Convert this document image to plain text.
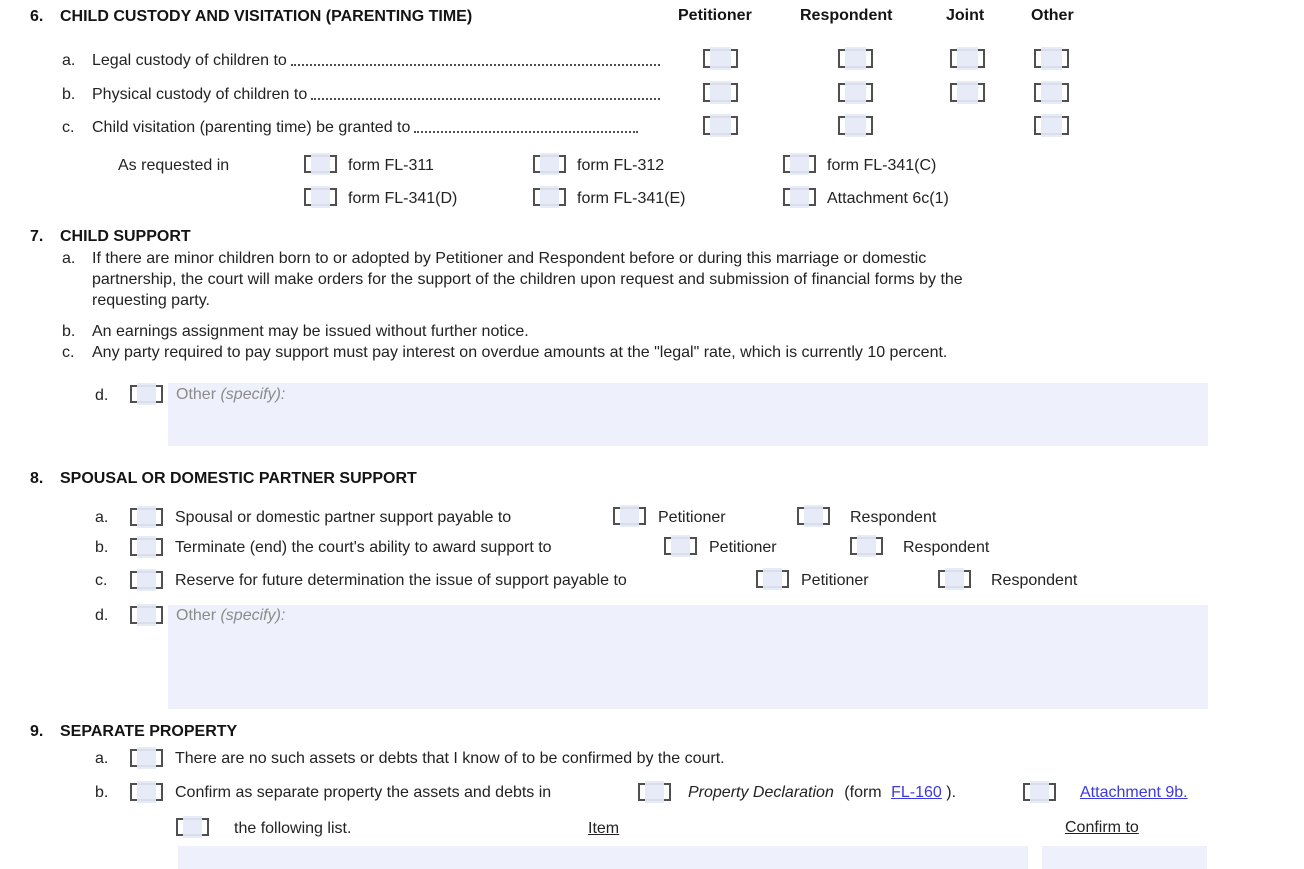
6. CHILD CUSTODY AND VISITATION (PARENTING TIME)	Petitioner	Respondent	Joint	Other
a. Legal custody of children to
b. Physical custody of children to
c. Child visitation (parenting time) be granted to
As requested in	form FL-311	form FL-312	form FL-341(C)
form FL-341(D)	form FL-341(E)	Attachment 6c(1)
7. CHILD SUPPORT
a. If there are minor children born to or adopted by Petitioner and Respondent before or during this marriage or domestic
partnership, the court will make orders for the support of the children upon request and submission of financial forms by the
requesting party.
b. An earnings assignment may be issued without further notice.
c. Any party required to pay support must pay interest on overdue amounts at the "legal" rate, which is currently 10 percent.
d.	Other (specify):
8. SPOUSAL OR DOMESTIC PARTNER SUPPORT
a.	Spousal or domestic partner support payable to	Petitioner	Respondent
b.	Terminate (end) the court's ability to award support to	Petitioner	Respondent
c.	Reserve for future determination the issue of support payable to	Petitioner	Respondent
d.	Other (specify):
9. SEPARATE PROPERTY
a.	There are no such assets or debts that I know of to be confirmed by the court.
b.	Confirm as separate property the assets and debts in	Property Declaration (form FL-160 ).	Attachment 9b.
the following list.	Item	Confirm to
